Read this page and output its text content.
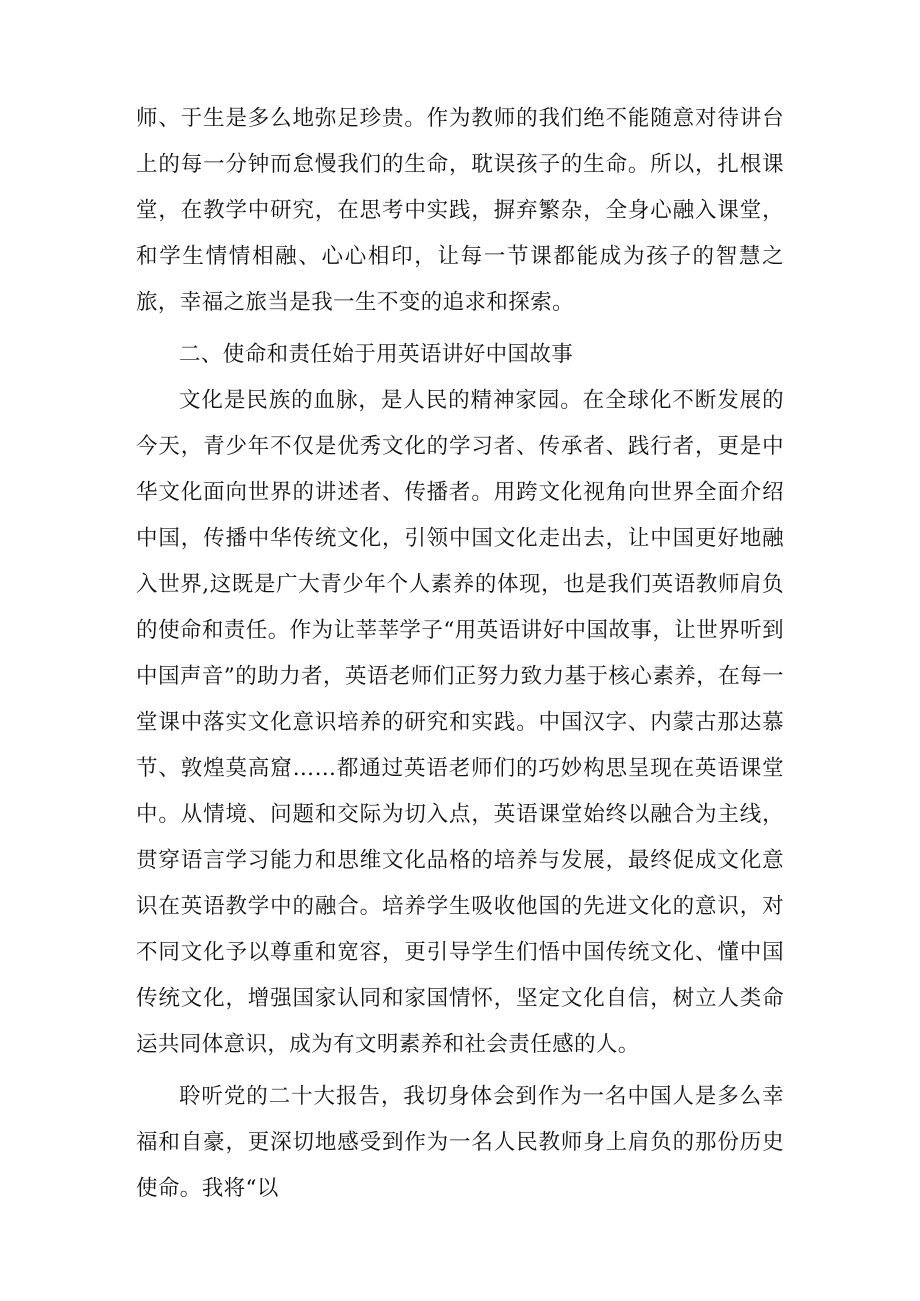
师、于生是多么地弥足珍贵。作为教师的我们绝不能随意对待讲台上的每一分钟而怠慢我们的生命，耽误孩子的生命。所以，扎根课堂，在教学中研究，在思考中实践，摒弃繁杂，全身心融入课堂，和学生情情相融、心心相印，让每一节课都能成为孩子的智慧之旅，幸福之旅当是我一生不变的追求和探索。

二、使命和责任始于用英语讲好中国故事

文化是民族的血脉，是人民的精神家园。在全球化不断发展的今天，青少年不仅是优秀文化的学习者、传承者、践行者，更是中华文化面向世界的讲述者、传播者。用跨文化视角向世界全面介绍中国，传播中华传统文化，引领中国文化走出去，让中国更好地融入世界,这既是广大青少年个人素养的体现，也是我们英语教师肩负的使命和责任。作为让莘莘学子“用英语讲好中国故事，让世界听到中国声音”的助力者，英语老师们正努力致力基于核心素养，在每一堂课中落实文化意识培养的研究和实践。中国汉字、内蒙古那达慕节、敦煌莫高窟……都通过英语老师们的巧妙构思呈现在英语课堂中。从情境、问题和交际为切入点，英语课堂始终以融合为主线，贯穿语言学习能力和思维文化品格的培养与发展，最终促成文化意识在英语教学中的融合。培养学生吸收他国的先进文化的意识，对不同文化予以尊重和宽容，更引导学生们悟中国传统文化、懂中国传统文化，增强国家认同和家国情怀，坚定文化自信，树立人类命运共同体意识，成为有文明素养和社会责任感的人。

聆听党的二十大报告，我切身体会到作为一名中国人是多么幸福和自豪，更深切地感受到作为一名人民教师身上肩负的那份历史使命。我将“以
